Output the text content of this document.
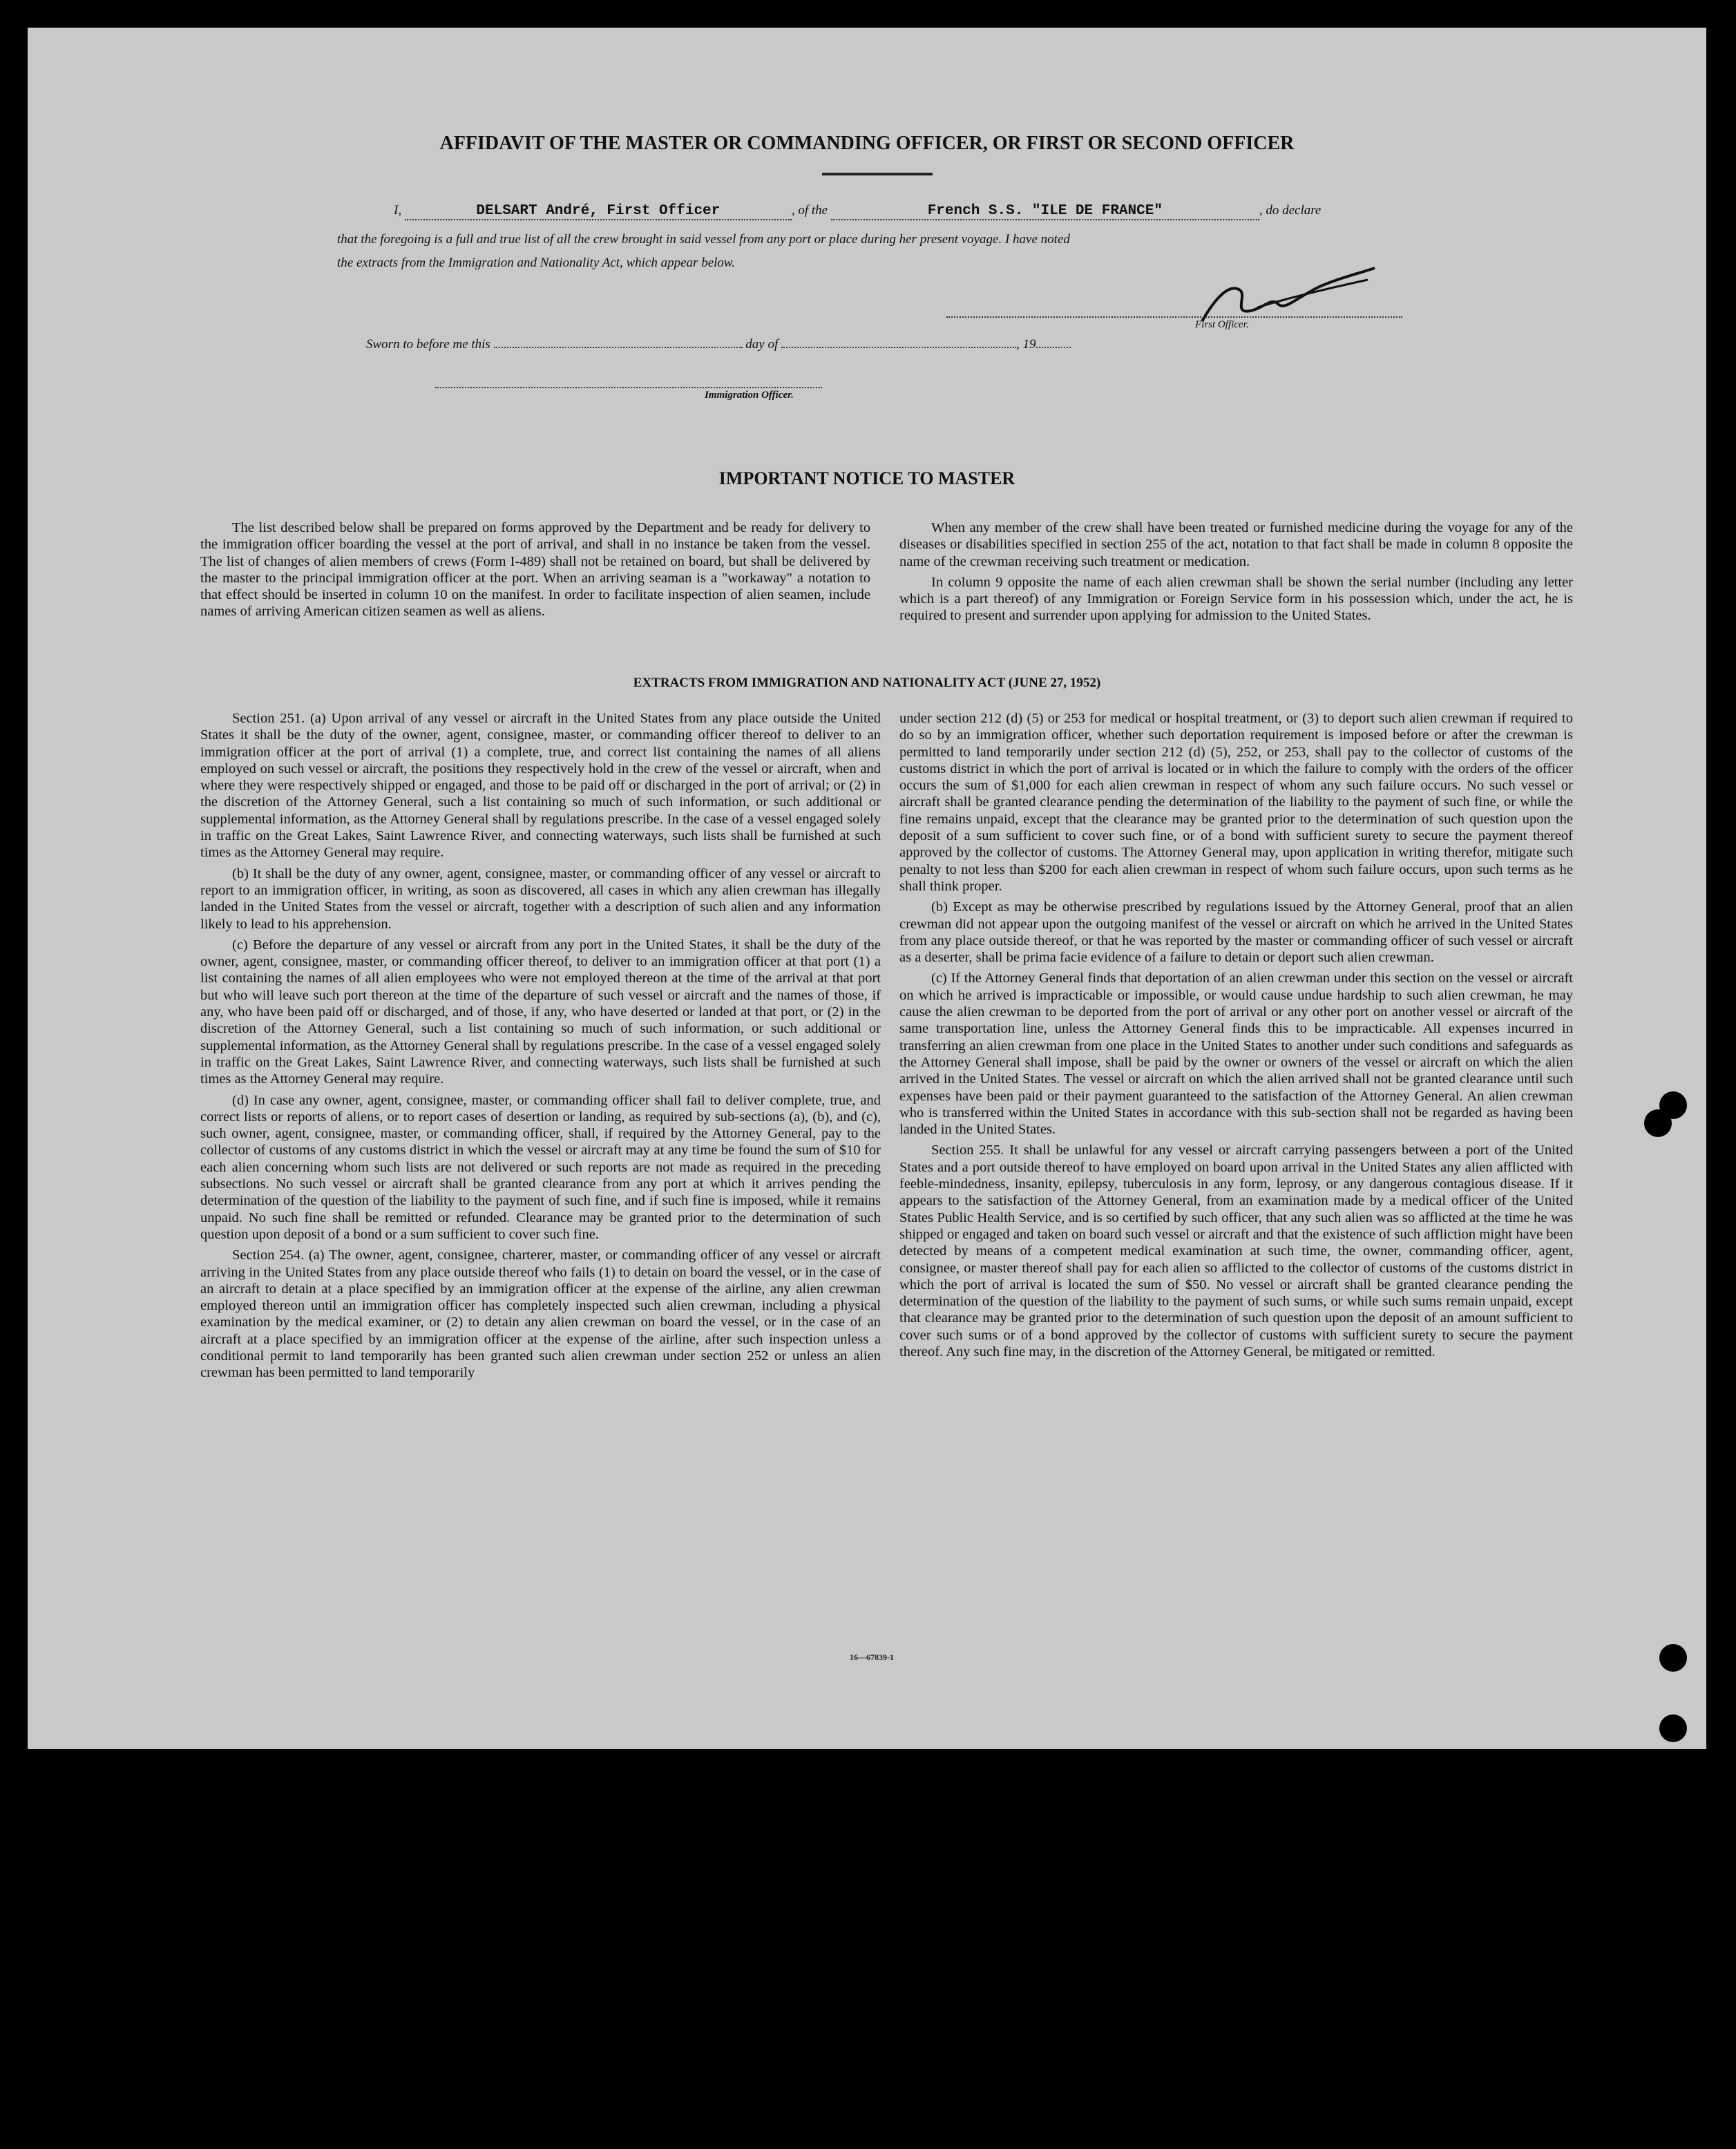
AFFIDAVIT OF THE MASTER OR COMMANDING OFFICER, OR FIRST OR SECOND OFFICER
I,	DELSART André, First Officer	, of the	French S.S. "ILE DE FRANCE"	, do declare
that the foregoing is a full and true list of all the crew brought in said vessel from any port or place during her present voyage. I have noted
the extracts from the Immigration and Nationality Act, which appear below.
First Officer.
Sworn to before me this	day of	, 19
Immigration Officer.
IMPORTANT NOTICE TO MASTER

The list described below shall be prepared on forms approved by the Department and be ready for delivery to the immigration officer boarding the vessel at the port of arrival, and shall in no instance be taken from the vessel. The list of changes of alien members of crews (Form I-489) shall not be retained on board, but shall be delivered by the master to the principal immigration officer at the port. When an arriving seaman is a "workaway" a notation to that effect should be inserted in column 10 on the manifest. In order to facilitate inspection of alien seamen, include names of arriving American citizen seamen as well as aliens.

When any member of the crew shall have been treated or furnished medicine during the voyage for any of the diseases or disabilities specified in section 255 of the act, notation to that fact shall be made in column 8 opposite the name of the crewman receiving such treatment or medication.

In column 9 opposite the name of each alien crewman shall be shown the serial number (including any letter which is a part thereof) of any Immigration or Foreign Service form in his possession which, under the act, he is required to present and surrender upon applying for admission to the United States.

EXTRACTS FROM IMMIGRATION AND NATIONALITY ACT (JUNE 27, 1952)

Section 251. (a) Upon arrival of any vessel or aircraft in the United States from any place outside the United States it shall be the duty of the owner, agent, consignee, master, or commanding officer thereof to deliver to an immigration officer at the port of arrival (1) a complete, true, and correct list containing the names of all aliens employed on such vessel or aircraft, the positions they respectively hold in the crew of the vessel or aircraft, when and where they were respectively shipped or engaged, and those to be paid off or discharged in the port of arrival; or (2) in the discretion of the Attorney General, such a list containing so much of such information, or such additional or supplemental information, as the Attorney General shall by regulations prescribe. In the case of a vessel engaged solely in traffic on the Great Lakes, Saint Lawrence River, and connecting waterways, such lists shall be furnished at such times as the Attorney General may require.

(b) It shall be the duty of any owner, agent, consignee, master, or commanding officer of any vessel or aircraft to report to an immigration officer, in writing, as soon as discovered, all cases in which any alien crewman has illegally landed in the United States from the vessel or aircraft, together with a description of such alien and any information likely to lead to his apprehension.

(c) Before the departure of any vessel or aircraft from any port in the United States, it shall be the duty of the owner, agent, consignee, master, or commanding officer thereof, to deliver to an immigration officer at that port (1) a list containing the names of all alien employees who were not employed thereon at the time of the arrival at that port but who will leave such port thereon at the time of the departure of such vessel or aircraft and the names of those, if any, who have been paid off or discharged, and of those, if any, who have deserted or landed at that port, or (2) in the discretion of the Attorney General, such a list containing so much of such information, or such additional or supplemental information, as the Attorney General shall by regulations prescribe. In the case of a vessel engaged solely in traffic on the Great Lakes, Saint Lawrence River, and connecting waterways, such lists shall be furnished at such times as the Attorney General may require.

(d) In case any owner, agent, consignee, master, or commanding officer shall fail to deliver complete, true, and correct lists or reports of aliens, or to report cases of desertion or landing, as required by sub-sections (a), (b), and (c), such owner, agent, consignee, master, or commanding officer, shall, if required by the Attorney General, pay to the collector of customs of any customs district in which the vessel or aircraft may at any time be found the sum of $10 for each alien concerning whom such lists are not delivered or such reports are not made as required in the preceding subsections. No such vessel or aircraft shall be granted clearance from any port at which it arrives pending the determination of the question of the liability to the payment of such fine, and if such fine is imposed, while it remains unpaid. No such fine shall be remitted or refunded. Clearance may be granted prior to the determination of such question upon deposit of a bond or a sum sufficient to cover such fine.

Section 254. (a) The owner, agent, consignee, charterer, master, or commanding officer of any vessel or aircraft arriving in the United States from any place outside thereof who fails (1) to detain on board the vessel, or in the case of an aircraft to detain at a place specified by an immigration officer at the expense of the airline, any alien crewman employed thereon until an immigration officer has completely inspected such alien crewman, including a physical examination by the medical examiner, or (2) to detain any alien crewman on board the vessel, or in the case of an aircraft at a place specified by an immigration officer at the expense of the airline, after such inspection unless a conditional permit to land temporarily has been granted such alien crewman under section 252 or unless an alien crewman has been permitted to land temporarily

under section 212 (d) (5) or 253 for medical or hospital treatment, or (3) to deport such alien crewman if required to do so by an immigration officer, whether such deportation requirement is imposed before or after the crewman is permitted to land temporarily under section 212 (d) (5), 252, or 253, shall pay to the collector of customs of the customs district in which the port of arrival is located or in which the failure to comply with the orders of the officer occurs the sum of $1,000 for each alien crewman in respect of whom any such failure occurs. No such vessel or aircraft shall be granted clearance pending the determination of the liability to the payment of such fine, or while the fine remains unpaid, except that the clearance may be granted prior to the determination of such question upon the deposit of a sum sufficient to cover such fine, or of a bond with sufficient surety to secure the payment thereof approved by the collector of customs. The Attorney General may, upon application in writing therefor, mitigate such penalty to not less than $200 for each alien crewman in respect of whom such failure occurs, upon such terms as he shall think proper.

(b) Except as may be otherwise prescribed by regulations issued by the Attorney General, proof that an alien crewman did not appear upon the outgoing manifest of the vessel or aircraft on which he arrived in the United States from any place outside thereof, or that he was reported by the master or commanding officer of such vessel or aircraft as a deserter, shall be prima facie evidence of a failure to detain or deport such alien crewman.

(c) If the Attorney General finds that deportation of an alien crewman under this section on the vessel or aircraft on which he arrived is impracticable or impossible, or would cause undue hardship to such alien crewman, he may cause the alien crewman to be deported from the port of arrival or any other port on another vessel or aircraft of the same transportation line, unless the Attorney General finds this to be impracticable. All expenses incurred in transferring an alien crewman from one place in the United States to another under such conditions and safeguards as the Attorney General shall impose, shall be paid by the owner or owners of the vessel or aircraft on which the alien arrived in the United States. The vessel or aircraft on which the alien arrived shall not be granted clearance until such expenses have been paid or their payment guaranteed to the satisfaction of the Attorney General. An alien crewman who is transferred within the United States in accordance with this sub-section shall not be regarded as having been landed in the United States.

Section 255. It shall be unlawful for any vessel or aircraft carrying passengers between a port of the United States and a port outside thereof to have employed on board upon arrival in the United States any alien afflicted with feeble-mindedness, insanity, epilepsy, tuberculosis in any form, leprosy, or any dangerous contagious disease. If it appears to the satisfaction of the Attorney General, from an examination made by a medical officer of the United States Public Health Service, and is so certified by such officer, that any such alien was so afflicted at the time he was shipped or engaged and taken on board such vessel or aircraft and that the existence of such affliction might have been detected by means of a competent medical examination at such time, the owner, commanding officer, agent, consignee, or master thereof shall pay for each alien so afflicted to the collector of customs of the customs district in which the port of arrival is located the sum of $50. No vessel or aircraft shall be granted clearance pending the determination of the question of the liability to the payment of such sums, or while such sums remain unpaid, except that clearance may be granted prior to the determination of such question upon the deposit of an amount sufficient to cover such sums or of a bond approved by the collector of customs with sufficient surety to secure the payment thereof. Any such fine may, in the discretion of the Attorney General, be mitigated or remitted.

16—67839-1
